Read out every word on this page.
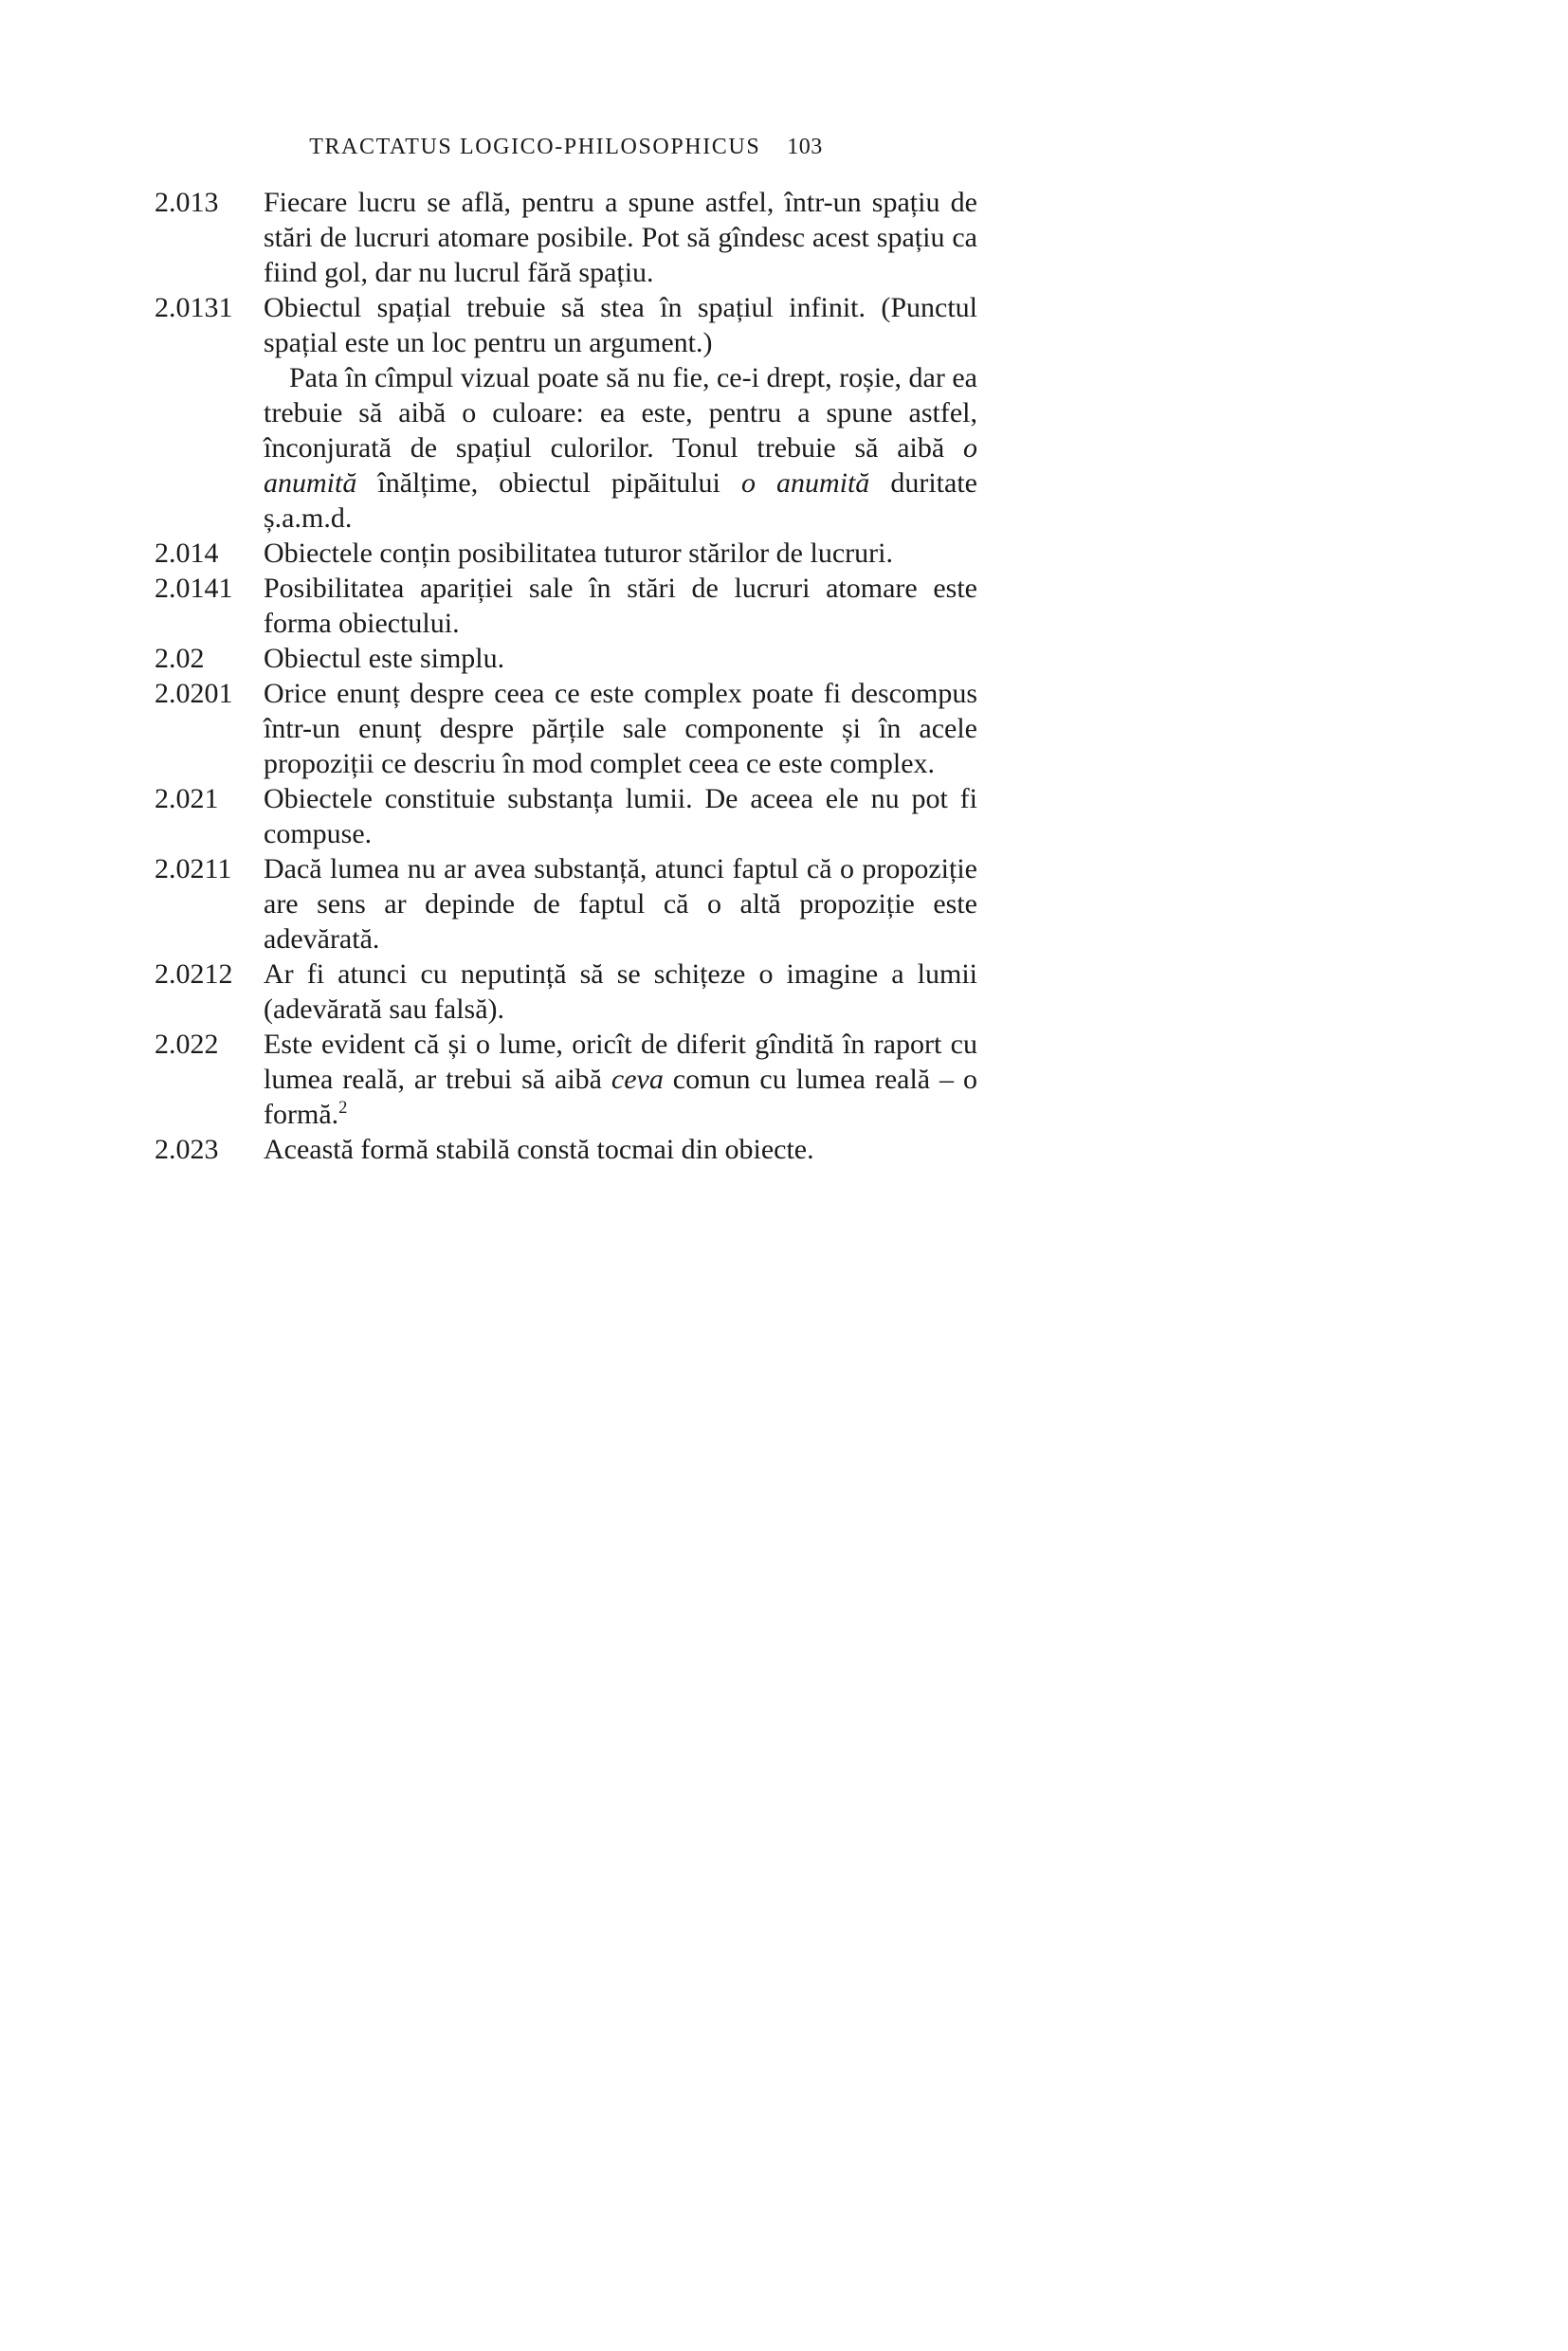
TRACTATUS LOGICO-PHILOSOPHICUS 103
2.013	Fiecare lucru se află, pentru a spune astfel, într-un spațiu de stări de lucruri atomare posibile. Pot să gîndesc acest spațiu ca fiind gol, dar nu lucrul fără spațiu.

2.0131	Obiectul spațial trebuie să stea în spațiul infinit. (Punctul spațial este un loc pentru un argument.)

Pata în cîmpul vizual poate să nu fie, ce-i drept, roșie, dar ea trebuie să aibă o culoare: ea este, pentru a spune astfel, înconjurată de spațiul culorilor. Tonul trebuie să aibă o anumită înălțime, obiectul pipăitului o anumită duritate ș.a.m.d.

2.014	Obiectele conțin posibilitatea tuturor stărilor de lucruri.

2.0141	Posibilitatea apariției sale în stări de lucruri atomare este forma obiectului.

2.02	Obiectul este simplu.

2.0201	Orice enunț despre ceea ce este complex poate fi descompus într-un enunț despre părțile sale componente și în acele propoziții ce descriu în mod complet ceea ce este complex.

2.021	Obiectele constituie substanța lumii. De aceea ele nu pot fi compuse.

2.0211	Dacă lumea nu ar avea substanță, atunci faptul că o propoziție are sens ar depinde de faptul că o altă propoziție este adevărată.

2.0212	Ar fi atunci cu neputință să se schițeze o imagine a lumii (adevărată sau falsă).

2.022	Este evident că și o lume, oricît de diferit gîndită în raport cu lumea reală, ar trebui să aibă ceva comun cu lumea reală – o formă.$^2$

2.023	Această formă stabilă constă tocmai din obiecte.
